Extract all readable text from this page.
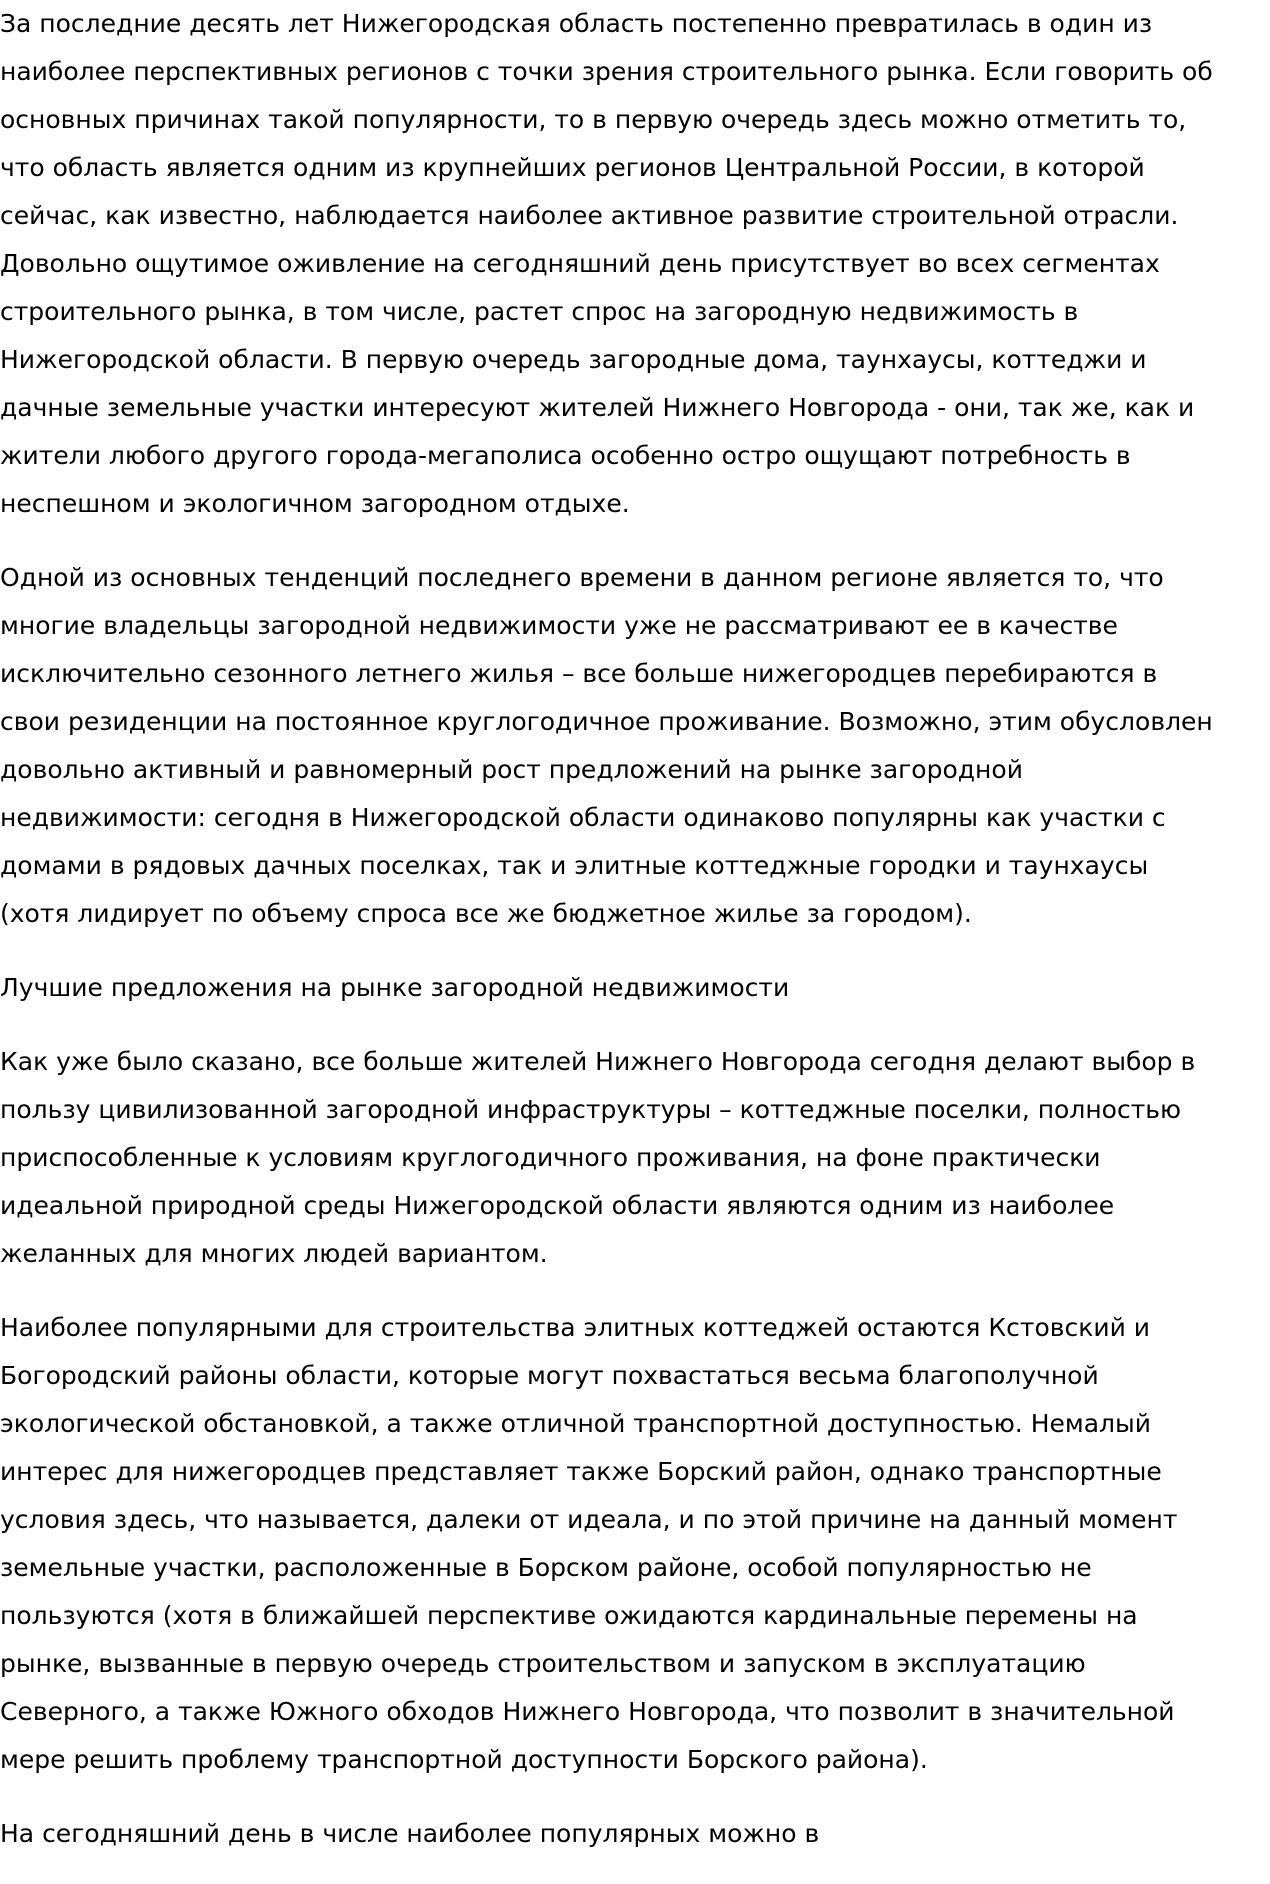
За последние десять лет Нижегородская область постепенно превратилась в один из
наиболее перспективных регионов с точки зрения строительного рынка. Если говорить об
основных причинах такой популярности, то в первую очередь здесь можно отметить то,
что область является одним из крупнейших регионов Центральной России, в которой
сейчас, как известно, наблюдается наиболее активное развитие строительной отрасли.
Довольно ощутимое оживление на сегодняшний день присутствует во всех сегментах
строительного рынка, в том числе, растет спрос на загородную недвижимость в
Нижегородской области. В первую очередь загородные дома, таунхаусы, коттеджи и
дачные земельные участки интересуют жителей Нижнего Новгорода - они, так же, как и
жители любого другого города-мегаполиса особенно остро ощущают потребность в
неспешном и экологичном загородном отдыхе.

Одной из основных тенденций последнего времени в данном регионе является то, что
многие владельцы загородной недвижимости уже не рассматривают ее в качестве
исключительно сезонного летнего жилья – все больше нижегородцев перебираются в
свои резиденции на постоянное круглогодичное проживание. Возможно, этим обусловлен
довольно активный и равномерный рост предложений на рынке загородной
недвижимости: сегодня в Нижегородской области одинаково популярны как участки с
домами в рядовых дачных поселках, так и элитные коттеджные городки и таунхаусы
(хотя лидирует по объему спроса все же бюджетное жилье за городом).

Лучшие предложения на рынке загородной недвижимости

Как уже было сказано, все больше жителей Нижнего Новгорода сегодня делают выбор в
пользу цивилизованной загородной инфраструктуры – коттеджные поселки, полностью
приспособленные к условиям круглогодичного проживания, на фоне практически
идеальной природной среды Нижегородской области являются одним из наиболее
желанных для многих людей вариантом.

Наиболее популярными для строительства элитных коттеджей остаются Кстовский и
Богородский районы области, которые могут похвастаться весьма благополучной
экологической обстановкой, а также отличной транспортной доступностью. Немалый
интерес для нижегородцев представляет также Борский район, однако транспортные
условия здесь, что называется, далеки от идеала, и по этой причине на данный момент
земельные участки, расположенные в Борском районе, особой популярностью не
пользуются (хотя в ближайшей перспективе ожидаются кардинальные перемены на
рынке, вызванные в первую очередь строительством и запуском в эксплуатацию
Северного, а также Южного обходов Нижнего Новгорода, что позволит в значительной
мере решить проблему транспортной доступности Борского района).

На сегодняшний день в числе наиболее популярных можно в
